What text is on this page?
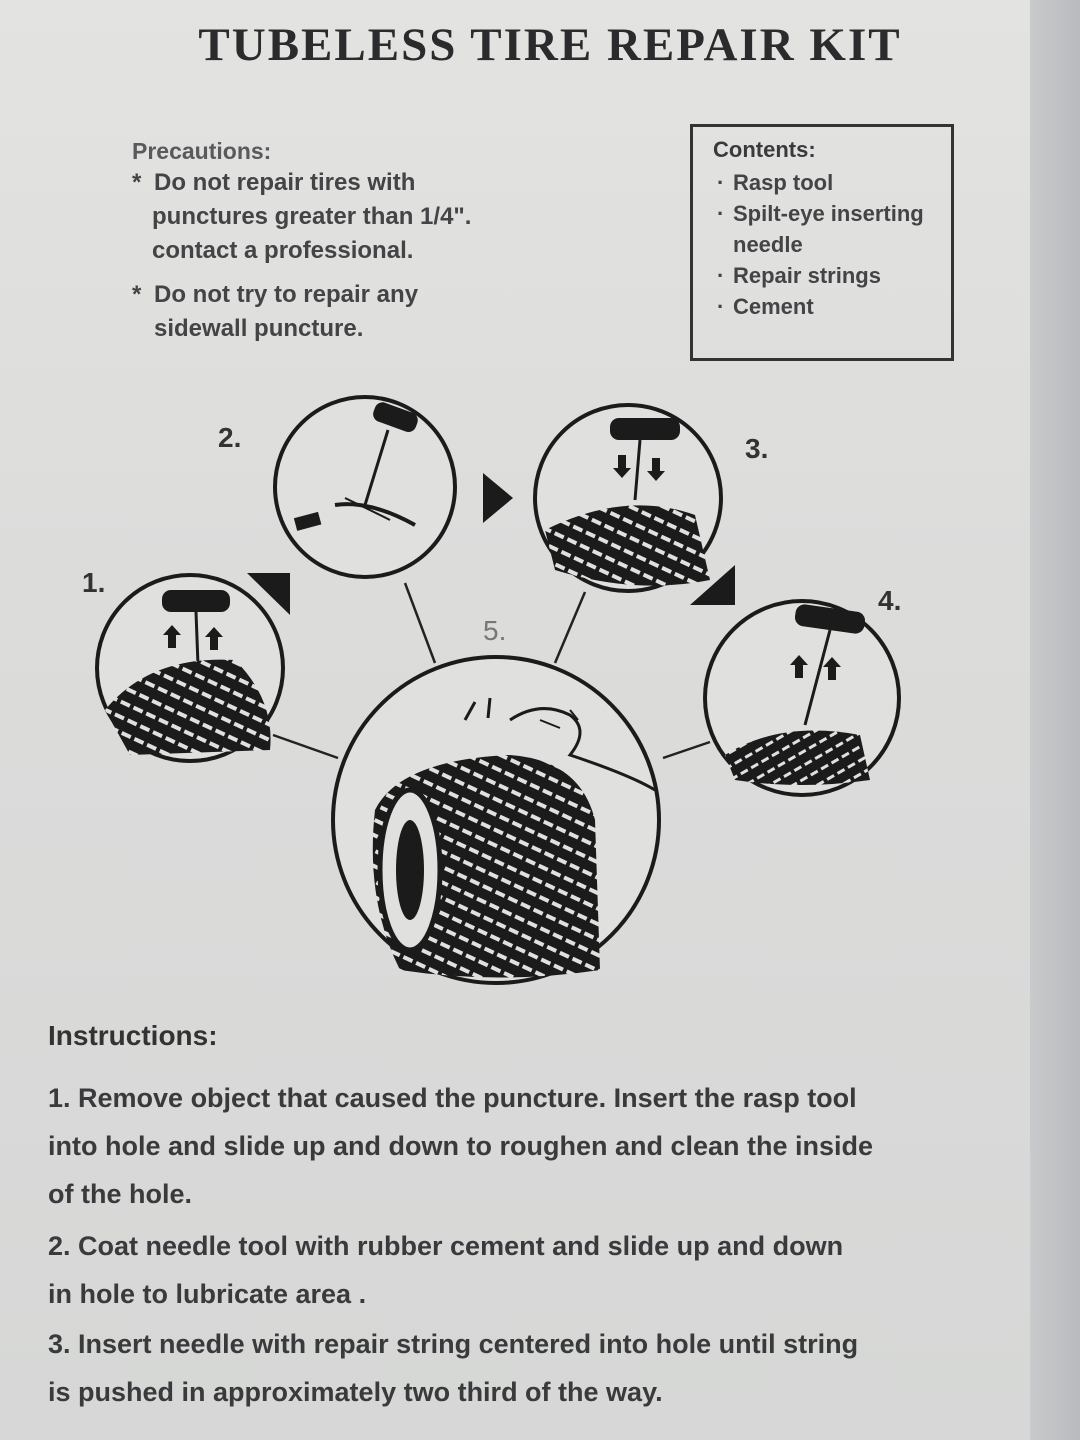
TUBELESS TIRE REPAIR KIT
Precautions:
* Do not repair tires with
punctures greater than 1/4".
contact a professional.
* Do not try to repair any
sidewall puncture.
Contents:
· Rasp tool
· Spilt-eye inserting
needle
· Repair strings
· Cement
2.	3.
1.
4.
5.
Instructions:
1. Remove object that caused the puncture. Insert the rasp tool
into hole and slide up and down to roughen and clean the inside
of the hole.
2. Coat needle tool with rubber cement and slide up and down
in hole to lubricate area .
3. Insert needle with repair string centered into hole until string
is pushed in approximately two third of the way.
